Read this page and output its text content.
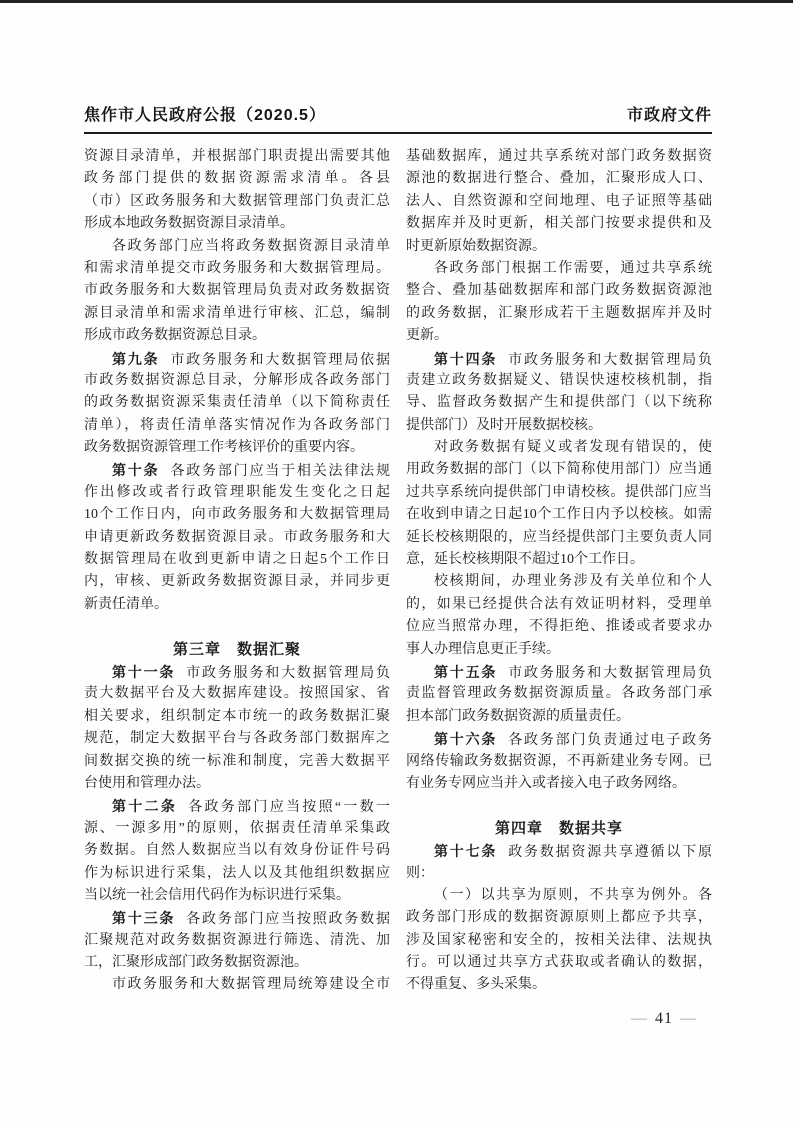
焦作市人民政府公报（2020.5）	市政府文件
资源目录清单，并根据部门职责提出需要其他
政务部门提供的数据资源需求清单。各县
（市）区政务服务和大数据管理部门负责汇总
形成本地政务数据资源目录清单。
各政务部门应当将政务数据资源目录清单
和需求清单提交市政务服务和大数据管理局。
市政务服务和大数据管理局负责对政务数据资
源目录清单和需求清单进行审核、汇总，编制
形成市政务数据资源总目录。
第九条 市政务服务和大数据管理局依据
市政务数据资源总目录，分解形成各政务部门
的政务数据资源采集责任清单（以下简称责任
清单），将责任清单落实情况作为各政务部门
政务数据资源管理工作考核评价的重要内容。
第十条 各政务部门应当于相关法律法规
作出修改或者行政管理职能发生变化之日起
10个工作日内，向市政务服务和大数据管理局
申请更新政务数据资源目录。市政务服务和大
数据管理局在收到更新申请之日起5个工作日
内，审核、更新政务数据资源目录，并同步更
新责任清单。
第三章　数据汇聚
第十一条 市政务服务和大数据管理局负
责大数据平台及大数据库建设。按照国家、省
相关要求，组织制定本市统一的政务数据汇聚
规范，制定大数据平台与各政务部门数据库之
间数据交换的统一标准和制度，完善大数据平
台使用和管理办法。
第十二条 各政务部门应当按照“一数一
源、一源多用”的原则，依据责任清单采集政
务数据。自然人数据应当以有效身份证件号码
作为标识进行采集，法人以及其他组织数据应
当以统一社会信用代码作为标识进行采集。
第十三条 各政务部门应当按照政务数据
汇聚规范对政务数据资源进行筛选、清洗、加
工，汇聚形成部门政务数据资源池。
市政务服务和大数据管理局统筹建设全市
基础数据库，通过共享系统对部门政务数据资
源池的数据进行整合、叠加，汇聚形成人口、
法人、自然资源和空间地理、电子证照等基础
数据库并及时更新，相关部门按要求提供和及
时更新原始数据资源。
各政务部门根据工作需要，通过共享系统
整合、叠加基础数据库和部门政务数据资源池
的政务数据，汇聚形成若干主题数据库并及时
更新。
第十四条 市政务服务和大数据管理局负
责建立政务数据疑义、错误快速校核机制，指
导、监督政务数据产生和提供部门（以下统称
提供部门）及时开展数据校核。
对政务数据有疑义或者发现有错误的，使
用政务数据的部门（以下简称使用部门）应当通
过共享系统向提供部门申请校核。提供部门应当
在收到申请之日起10个工作日内予以校核。如需
延长校核期限的，应当经提供部门主要负责人同
意，延长校核期限不超过10个工作日。
校核期间，办理业务涉及有关单位和个人
的，如果已经提供合法有效证明材料，受理单
位应当照常办理，不得拒绝、推诿或者要求办
事人办理信息更正手续。
第十五条 市政务服务和大数据管理局负
责监督管理政务数据资源质量。各政务部门承
担本部门政务数据资源的质量责任。
第十六条 各政务部门负责通过电子政务
网络传输政务数据资源，不再新建业务专网。已
有业务专网应当并入或者接入电子政务网络。
第四章　数据共享
第十七条 政务数据资源共享遵循以下原
则：
（一）以共享为原则，不共享为例外。各
政务部门形成的数据资源原则上都应予共享，
涉及国家秘密和安全的，按相关法律、法规执
行。可以通过共享方式获取或者确认的数据，
不得重复、多头采集。
— 41 —
